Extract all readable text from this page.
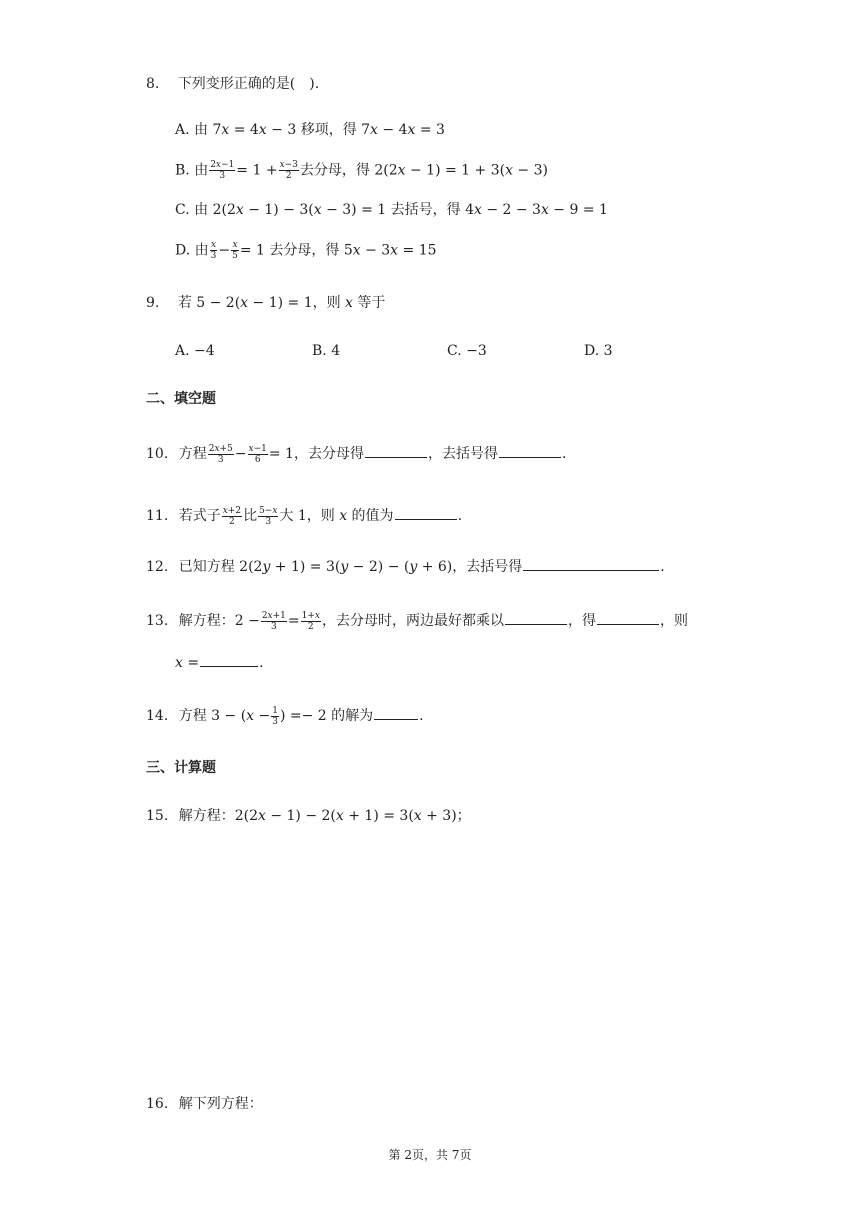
8. 下列变形正确的是(　).
A. 由 7𝑥 = 4𝑥 − 3 移项，得 7𝑥 − 4𝑥 = 3
B. 由 $\frac{\text{2𝑥−1}}{3} = 1 + \frac{\text{𝑥−3}}{2}$ 去分母，得 2(2𝑥 − 1) = 1 + 3(𝑥 − 3)
C. 由 2(2𝑥 − 1) − 3(𝑥 − 3) = 1 去括号，得 4𝑥 − 2 − 3𝑥 − 9 = 1
D. 由 $\frac{\text{𝑥}}{3} - \frac{\text{𝑥}}{5} = 1$ 去分母，得 5𝑥 − 3𝑥 = 15
9. 若 5 − 2(𝑥 − 1) = 1，则 𝑥 等于
A. −4	B. 4	C. −3	D. 3
二、填空题
10. 方程 $\frac{\text{2𝑥+5}}{3} - \frac{\text{𝑥−1}}{6} = 1$，去分母得	，去括号得	.
11. 若式子 $\frac{\text{𝑥+2}}{2}$ 比 $\frac{\text{5−𝑥}}{3}$ 大 1，则 𝑥 的值为	.
12. 已知方程 2(2𝑦 + 1) = 3(𝑦 − 2) − (𝑦 + 6)，去括号得	.
13. 解方程：$2 - \frac{\text{2𝑥+1}}{3} = \frac{\text{1+𝑥}}{2}$ ，去分母时，两边最好都乘以	，得	，则
𝑥 =	.
14. 方程 3 − (𝑥 − $\frac{1}{3}$ ) =− 2 的解为	.
三、计算题
15. 解方程：2(2𝑥 − 1) − 2(𝑥 + 1) = 3(𝑥 + 3)；
16. 解下列方程：
第 2页，共 7页
